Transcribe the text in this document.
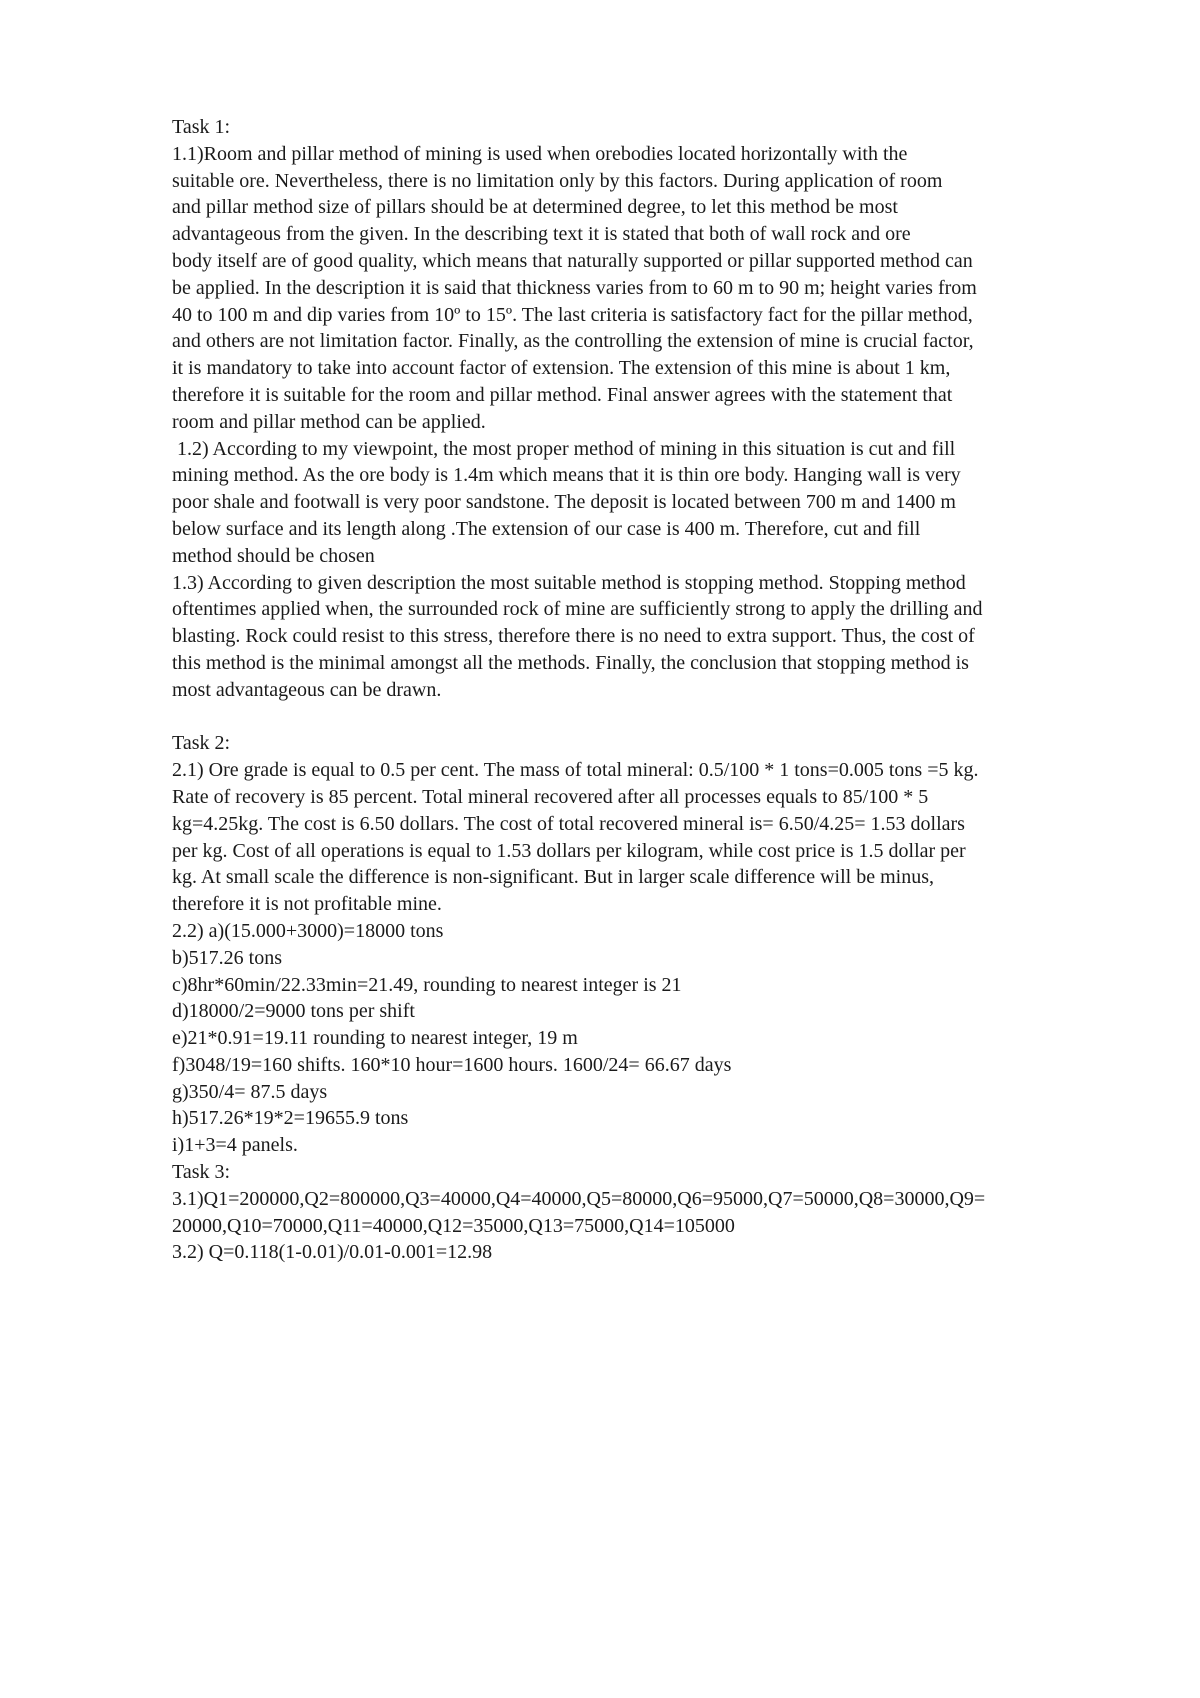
Task 1:
1.1)Room and pillar method of mining is used when orebodies located horizontally with the
suitable ore. Nevertheless, there is no limitation only by this factors. During application of room
and pillar method size of pillars should be at determined degree, to let this method be most
advantageous from the given. In the describing text it is stated that both of wall rock and ore
body itself are of good quality, which means that naturally supported or pillar supported method can
be applied. In the description it is said that thickness varies from to 60 m to 90 m; height varies from
40 to 100 m and dip varies from 10º to 15º. The last criteria is satisfactory fact for the pillar method,
and others are not limitation factor. Finally, as the controlling the extension of mine is crucial factor,
it is mandatory to take into account factor of extension. The extension of this mine is about 1 km,
therefore it is suitable for the room and pillar method. Final answer agrees with the statement that
room and pillar method can be applied.
1.2) According to my viewpoint, the most proper method of mining in this situation is cut and fill
mining method. As the ore body is 1.4m which means that it is thin ore body. Hanging wall is very
poor shale and footwall is very poor sandstone. The deposit is located between 700 m and 1400 m
below surface and its length along .The extension of our case is 400 m. Therefore, cut and fill
method should be chosen
1.3) According to given description the most suitable method is stopping method. Stopping method
oftentimes applied when, the surrounded rock of mine are sufficiently strong to apply the drilling and
blasting. Rock could resist to this stress, therefore there is no need to extra support. Thus, the cost of
this method is the minimal amongst all the methods. Finally, the conclusion that stopping method is
most advantageous can be drawn.
Task 2:
2.1) Ore grade is equal to 0.5 per cent. The mass of total mineral: 0.5/100 * 1 tons=0.005 tons =5 kg.
Rate of recovery is 85 percent. Total mineral recovered after all processes equals to 85/100 * 5
kg=4.25kg. The cost is 6.50 dollars. The cost of total recovered mineral is= 6.50/4.25= 1.53 dollars
per kg. Cost of all operations is equal to 1.53 dollars per kilogram, while cost price is 1.5 dollar per
kg. At small scale the difference is non-significant. But in larger scale difference will be minus,
therefore it is not profitable mine.
2.2) a)(15.000+3000)=18000 tons
b)517.26 tons
c)8hr*60min/22.33min=21.49, rounding to nearest integer is 21
d)18000/2=9000 tons per shift
e)21*0.91=19.11 rounding to nearest integer, 19 m
f)3048/19=160 shifts. 160*10 hour=1600 hours. 1600/24= 66.67 days
g)350/4= 87.5 days
h)517.26*19*2=19655.9 tons
i)1+3=4 panels.
Task 3:
3.1)Q1=200000,Q2=800000,Q3=40000,Q4=40000,Q5=80000,Q6=95000,Q7=50000,Q8=30000,Q9=
20000,Q10=70000,Q11=40000,Q12=35000,Q13=75000,Q14=105000
3.2) Q=0.118(1-0.01)/0.01-0.001=12.98
